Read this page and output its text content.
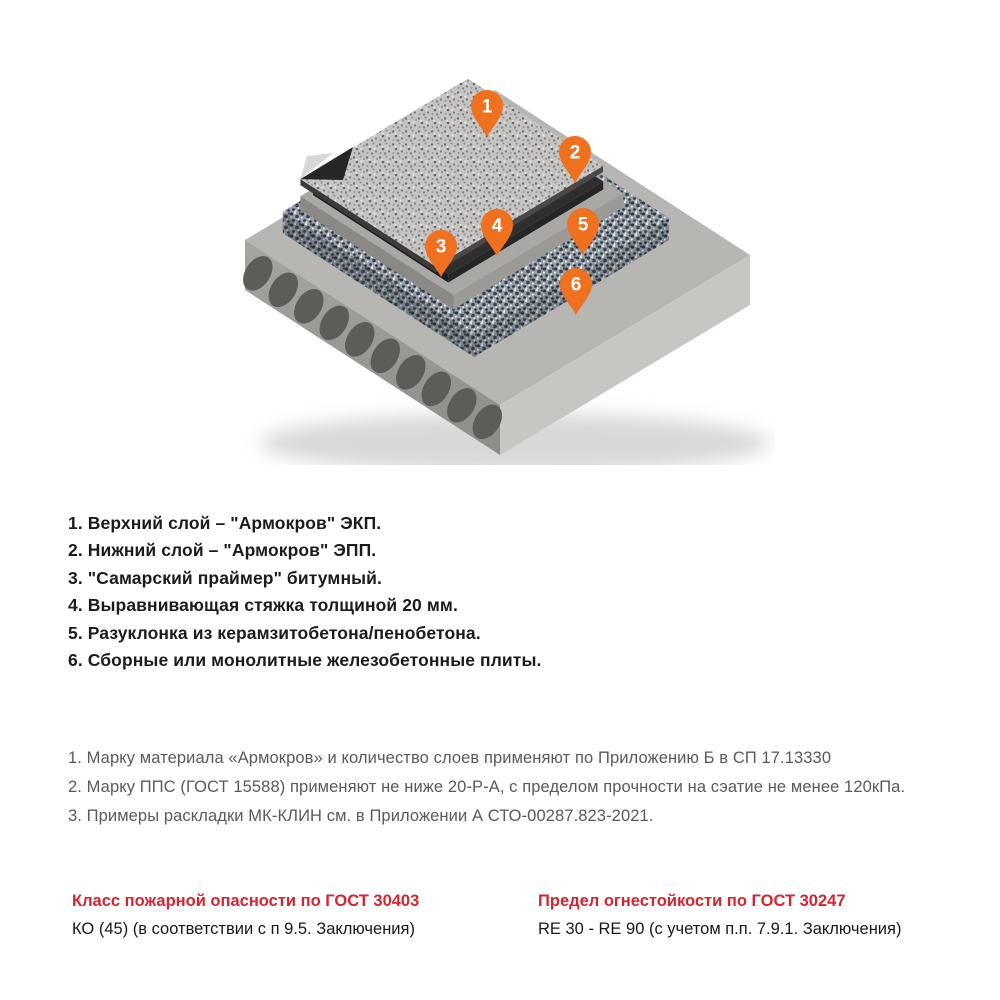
1
2
3
4	5
6
1. Верхний слой – "Армокров" ЭКП.
2. Нижний слой – "Армокров" ЭПП.
3. "Самарский праймер" битумный.
4. Выравнивающая стяжка толщиной 20 мм.
5. Разуклонка из керамзитобетона/пенобетона.
6. Сборные или монолитные железобетонные плиты.
1. Марку материала «Армокров» и количество слоев применяют по Приложению Б в СП 17.13330
2. Марку ППС (ГОСТ 15588) применяют не ниже 20-Р-А, с пределом прочности на сэатие не менее 120кПа.
3. Примеры раскладки МК-КЛИН см. в Приложении А СТО-00287.823-2021.
Класс пожарной опасности по ГОСТ 30403
КО (45) (в соответствии с п 9.5. Заключения)
Предел огнестойкости по ГОСТ 30247
RE 30 - RE 90 (с учетом п.п. 7.9.1. Заключения)
